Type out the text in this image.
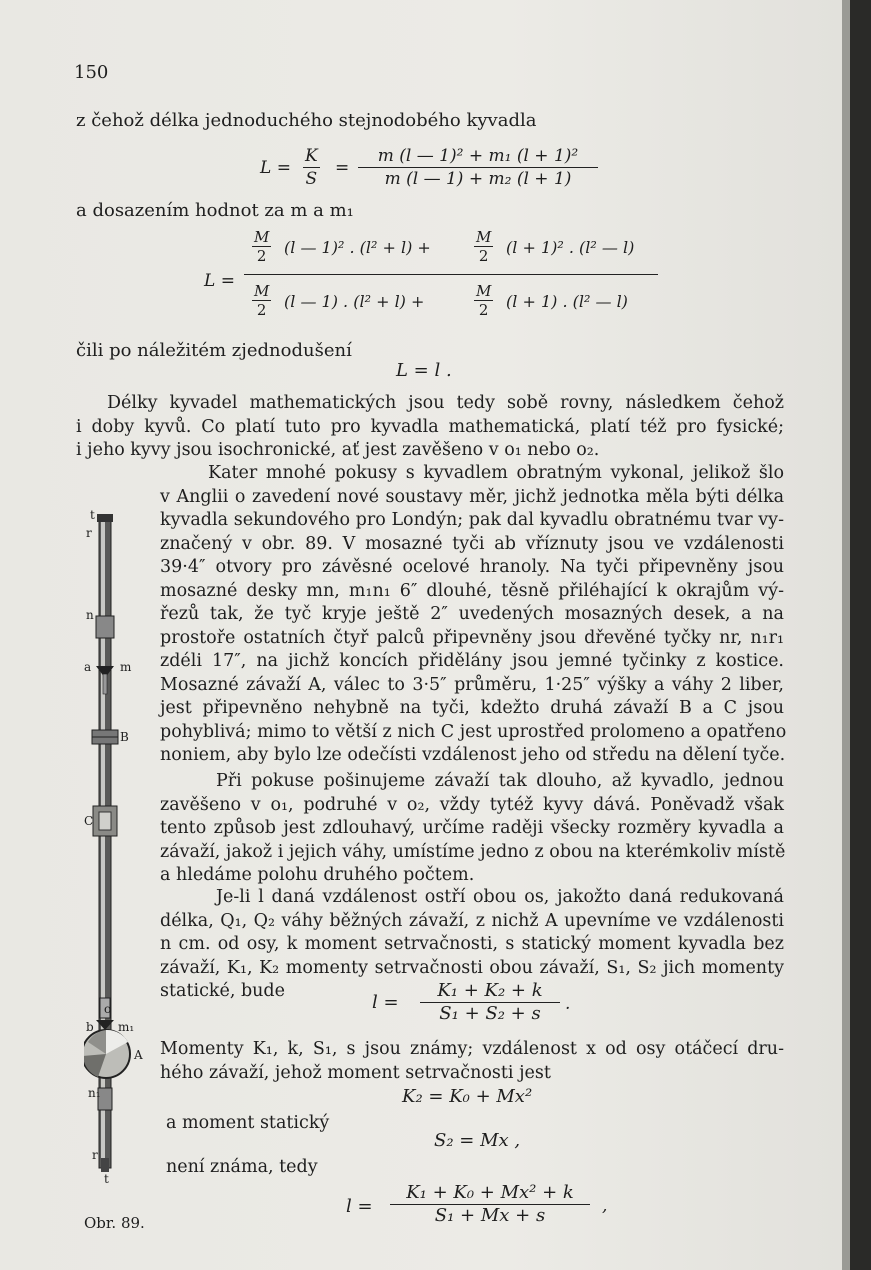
150
z čehož délka jednoduchého stejnodobého kyvadla
$L = \frac{K}{S} = \frac{\text{m (l — 1)² + m₁ (l + 1)²}}{\text{m (l — 1) + m₂ (l + 1)}}$
a dosazením hodnot za m a m₁
L =
$\frac{M}{2} (l$ — 1)² . (l² + l) +	$\frac{M}{2} (l + 1)^2$ . (l² — l)
$\frac{M}{2} (l$ — 1) . (l² + l) +	$\frac{M}{2} (l + 1)$ . (l² — l)
čili po náležitém zjednodušení
L = l .
Délky kyvadel mathematických jsou tedy sobě rovny, následkem čehož
i doby kyvů. Co platí tuto pro kyvadla mathematická, platí též pro fysické;
i jeho kyvy jsou isochronické, ať jest zavěšeno v o₁ nebo o₂.
Kater mnohé pokusy s kyvadlem obratným vykonal, jelikož šlo
v Anglii o zavedení nové soustavy měr, jichž jednotka měla býti délka
kyvadla sekundového pro Londýn; pak dal kyvadlu obratnému tvar vy-
značený v obr. 89. V mosazné tyči ab vříznuty jsou ve vzdálenosti
39·4″ otvory pro závěsné ocelové hranoly. Na tyči připevněny jsou
mosazné desky mn, m₁n₁ 6″ dlouhé, těsně přiléhající k okrajům vý-
řezů tak, že tyč kryje ještě 2″ uvedených mosazných desek, a na
prostoře ostatních čtyř palců připevněny jsou dřevěné tyčky nr, n₁r₁
zdéli 17″, na jichž koncích přidělány jsou jemné tyčinky z kostice.
Mosazné závaží A, válec to 3·5″ průměru, 1·25″ výšky a váhy 2 liber,
jest připevněno nehybně na tyči, kdežto druhá závaží B a C jsou
pohyblivá; mimo to větší z nich C jest uprostřed prolomeno a opatřeno
noniem, aby bylo lze odečísti vzdálenost jeho od středu na dělení tyče.
Při pokuse pošinujeme závaží tak dlouho, až kyvadlo, jednou
zavěšeno v o₁, podruhé v o₂, vždy tytéž kyvy dává. Poněvadž však
tento způsob jest zdlouhavý, určíme raději všecky rozměry kyvadla a
závaží, jakož i jejich váhy, umístíme jedno z obou na kterémkoliv místě
a hledáme polohu druhého počtem.
Je-li l daná vzdálenost ostří obou os, jakožto daná redukovaná
délka, Q₁, Q₂ váhy běžných závaží, z nichž A upevníme ve vzdálenosti
n cm. od osy, k moment setrvačnosti, s statický moment kyvadla bez
závaží, K₁, K₂ momenty setrvačnosti obou závaží, S₁, S₂ jich momenty
statické, bude
$l = \frac{\text{K₁ + K₂ + k}}{\text{S₁ + S₂ + s}}$ .
Momenty K₁, k, S₁, s jsou známy; vzdálenost x od osy otáčecí dru-
hého závaží, jehož moment setrvačnosti jest
K₂ = K₀ + Mx²
a moment statický
S₂ = Mx ,
není známa, tedy
$l = \frac{\text{K₁ + K₀ + Mx² + k}}{\text{S₁ + Mx + s}}$ ,
t
r
n
a m
B
C
o
b m₁
A
n₁
r
t
Obr. 89.
